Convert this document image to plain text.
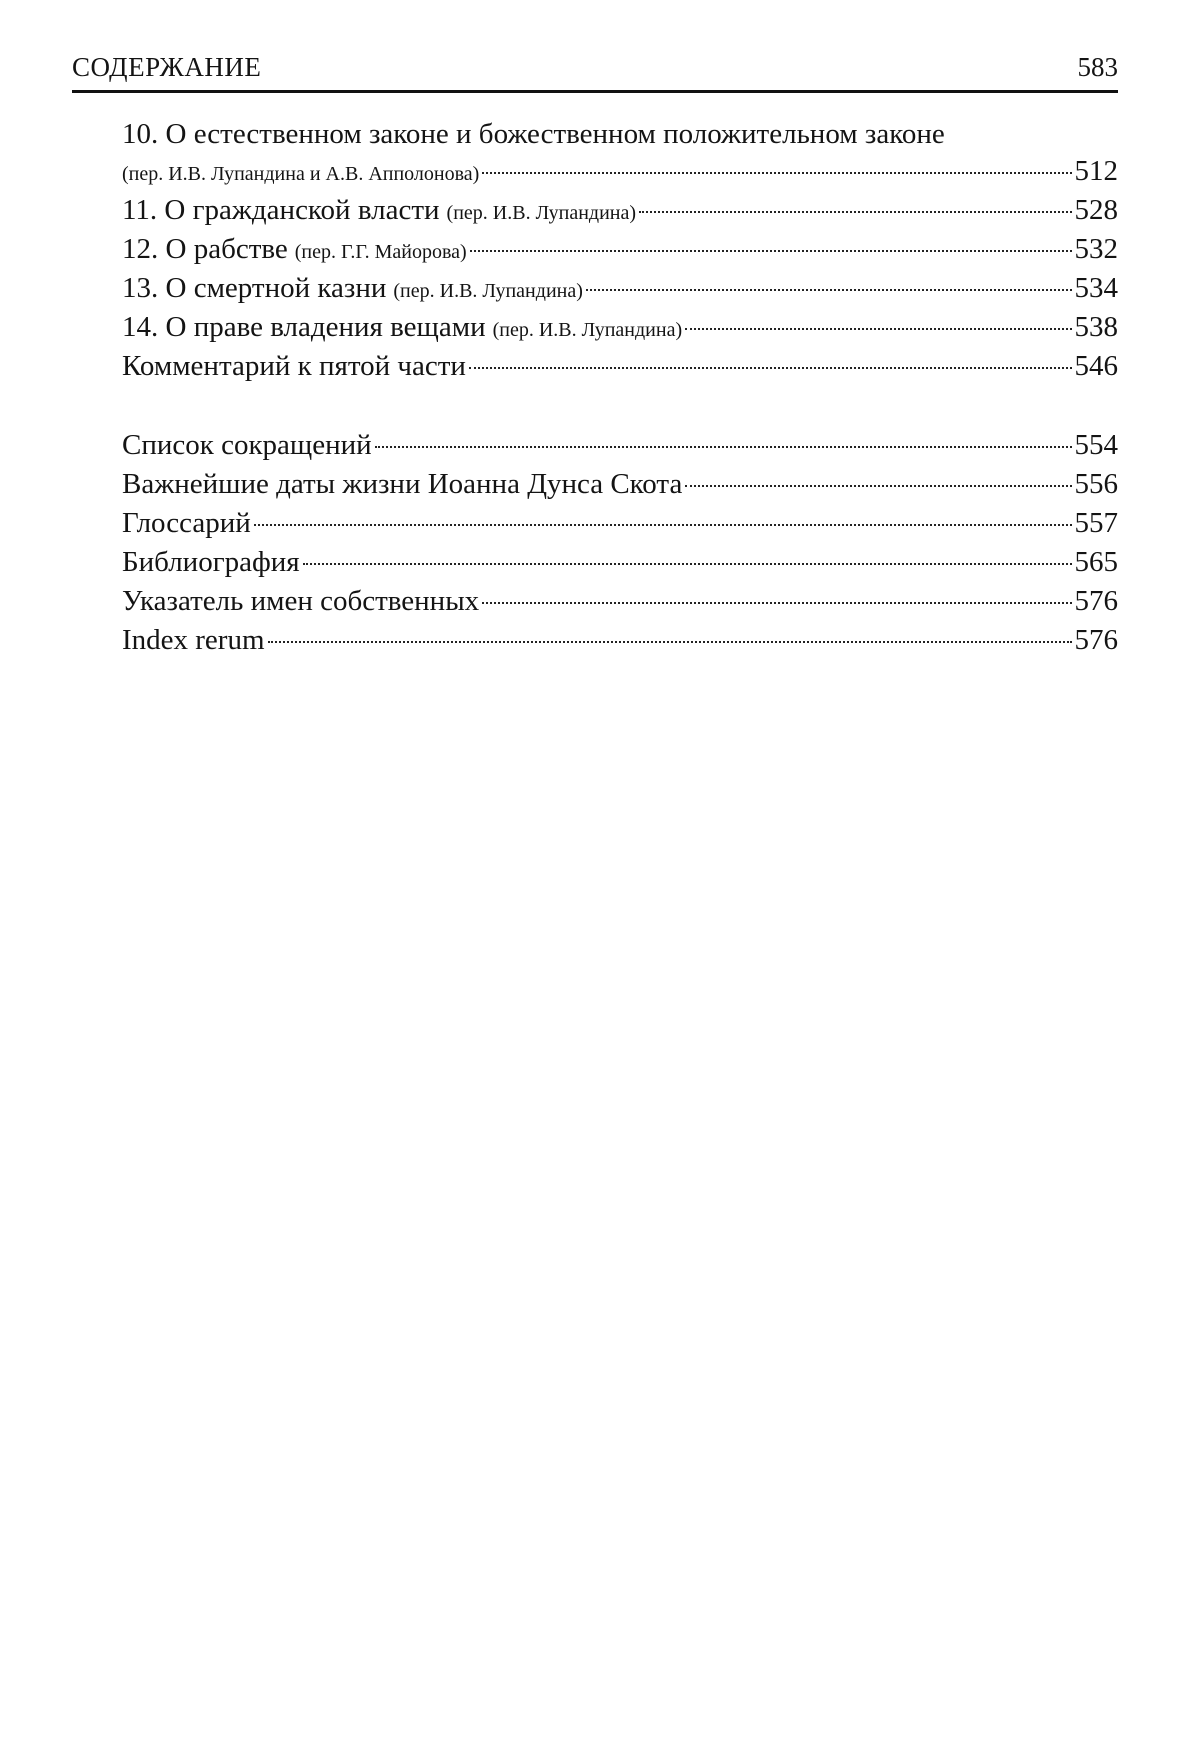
СОДЕРЖАНИЕ	583
10. О естественном законе и божественном положительном законе
(пер. И.В. Лупандина и А.В. Апполонова)	512
11. О гражданской власти (пер. И.В. Лупандина)	528
12. О рабстве (пер. Г.Г. Майорова)	532
13. О смертной казни (пер. И.В. Лупандина)	534
14. О праве владения вещами (пер. И.В. Лупандина)	538
Комментарий к пятой части	546
Список сокращений	554
Важнейшие даты жизни Иоанна Дунса Скота	556
Глоссарий	557
Библиография	565
Указатель имен собственных	576
Index rerum	576
